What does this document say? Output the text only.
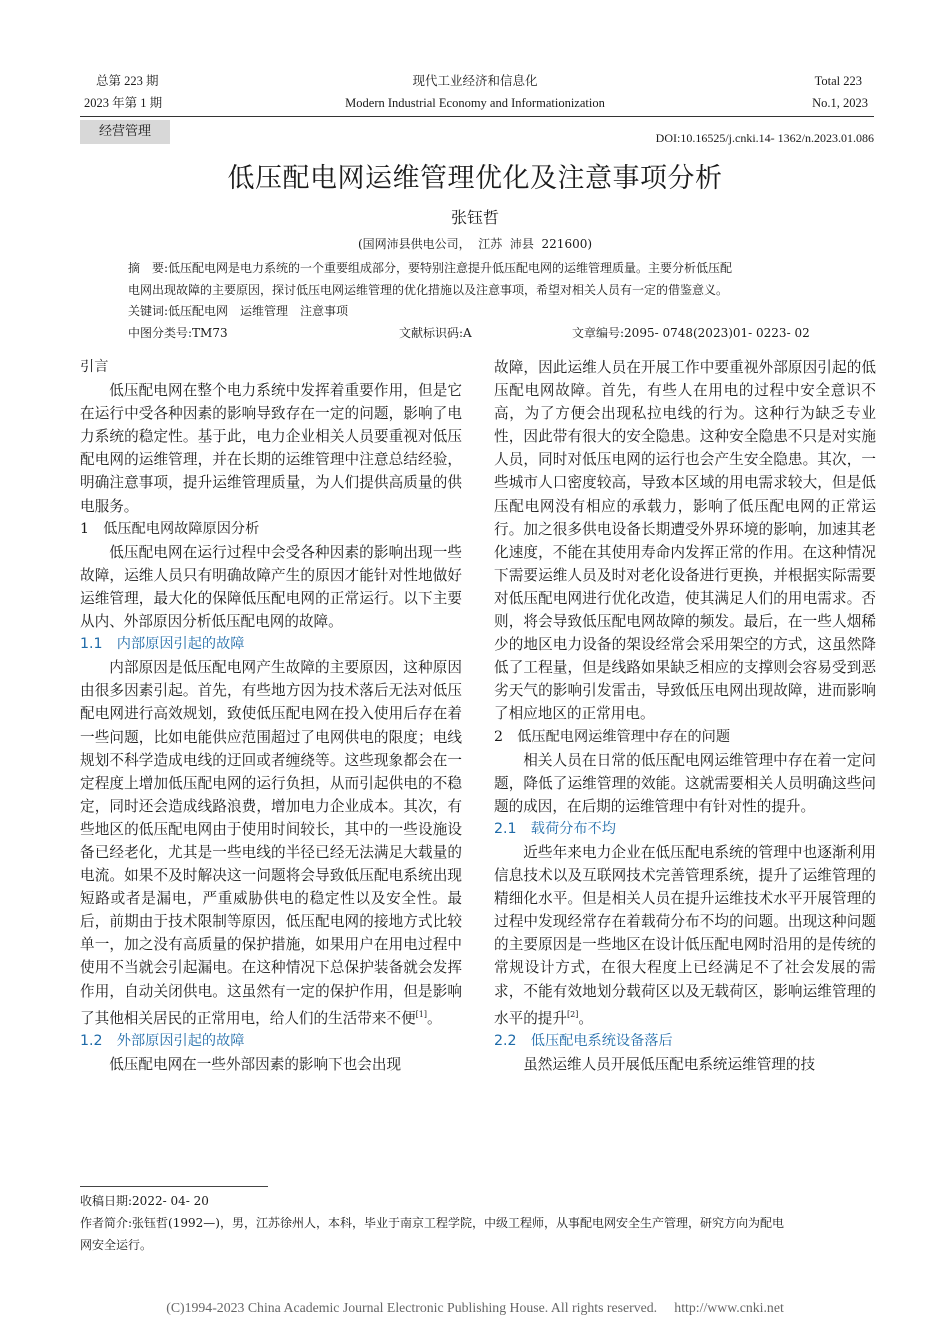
总第 223 期
2023 年第 1 期
现代工业经济和信息化
Modern Industrial Economy and Informationization
Total 223
No.1, 2023
经营管理	DOI:10.16525/j.cnki.14- 1362/n.2023.01.086
低压配电网运维管理优化及注意事项分析
张钰哲
(国网沛县供电公司，  江苏  沛县  221600)
摘　要:低压配电网是电力系统的一个重要组成部分，要特别注意提升低压配电网的运维管理质量。主要分析低压配
电网出现故障的主要原因，探讨低压电网运维管理的优化措施以及注意事项，希望对相关人员有一定的借鉴意义。
关键词:低压配电网　运维管理　注意事项
中图分类号:TM73	文献标识码:A	文章编号:2095- 0748(2023)01- 0223- 02
引言

低压配电网在整个电力系统中发挥着重要作用，但是它在运行中受各种因素的影响导致存在一定的问题，影响了电力系统的稳定性。基于此，电力企业相关人员要重视对低压配电网的运维管理，并在长期的运维管理中注意总结经验，明确注意事项，提升运维管理质量，为人们提供高质量的供电服务。

1　低压配电网故障原因分析

低压配电网在运行过程中会受各种因素的影响出现一些故障，运维人员只有明确故障产生的原因才能针对性地做好运维管理，最大化的保障低压配电网的正常运行。以下主要从内、外部原因分析低压配电网的故障。

1.1　内部原因引起的故障

内部原因是低压配电网产生故障的主要原因，这种原因由很多因素引起。首先，有些地方因为技术落后无法对低压配电网进行高效规划，致使低压配电网在投入使用后存在着一些问题，比如电能供应范围超过了电网供电的限度；电线规划不科学造成电线的迂回或者缠绕等。这些现象都会在一定程度上增加低压配电网的运行负担，从而引起供电的不稳定，同时还会造成线路浪费，增加电力企业成本。其次，有些地区的低压配电网由于使用时间较长，其中的一些设施设备已经老化，尤其是一些电线的半径已经无法满足大载量的电流。如果不及时解决这一问题将会导致低压配电系统出现短路或者是漏电，严重威胁供电的稳定性以及安全性。最后，前期由于技术限制等原因，低压配电网的接地方式比较单一，加之没有高质量的保护措施，如果用户在用电过程中使用不当就会引起漏电。在这种情况下总保护装备就会发挥作用，自动关闭供电。这虽然有一定的保护作用，但是影响了其他相关居民的正常用电，给人们的生活带来不便[1]。

1.2　外部原因引起的故障

低压配电网在一些外部因素的影响下也会出现

故障，因此运维人员在开展工作中要重视外部原因引起的低压配电网故障。首先，有些人在用电的过程中安全意识不高，为了方便会出现私拉电线的行为。这种行为缺乏专业性，因此带有很大的安全隐患。这种安全隐患不只是对实施人员，同时对低压电网的运行也会产生安全隐患。其次，一些城市人口密度较高，导致本区域的用电需求较大，但是低压配电网没有相应的承载力，影响了低压配电网的正常运行。加之很多供电设备长期遭受外界环境的影响，加速其老化速度，不能在其使用寿命内发挥正常的作用。在这种情况下需要运维人员及时对老化设备进行更换，并根据实际需要对低压配电网进行优化改造，使其满足人们的用电需求。否则，将会导致低压配电网故障的频发。最后，在一些人烟稀少的地区电力设备的架设经常会采用架空的方式，这虽然降低了工程量，但是线路如果缺乏相应的支撑则会容易受到恶劣天气的影响引发雷击，导致低压电网出现故障，进而影响了相应地区的正常用电。

2　低压配电网运维管理中存在的问题

相关人员在日常的低压配电网运维管理中存在着一定问题，降低了运维管理的效能。这就需要相关人员明确这些问题的成因，在后期的运维管理中有针对性的提升。

2.1　载荷分布不均

近些年来电力企业在低压配电系统的管理中也逐渐利用信息技术以及互联网技术完善管理系统，提升了运维管理的精细化水平。但是相关人员在提升运维技术水平开展管理的过程中发现经常存在着载荷分布不均的问题。出现这种问题的主要原因是一些地区在设计低压配电网时沿用的是传统的常规设计方式，在很大程度上已经满足不了社会发展的需求，不能有效地划分载荷区以及无载荷区，影响运维管理的水平的提升[2]。

2.2　低压配电系统设备落后

虽然运维人员开展低压配电系统运维管理的技

收稿日期:2022- 04- 20
作者简介:张钰哲(1992—)，男，江苏徐州人，本科，毕业于南京工程学院，中级工程师，从事配电网安全生产管理，研究方向为配电
网安全运行。
(C)1994-2023 China Academic Journal Electronic Publishing House. All rights reserved.　 http://www.cnki.net
